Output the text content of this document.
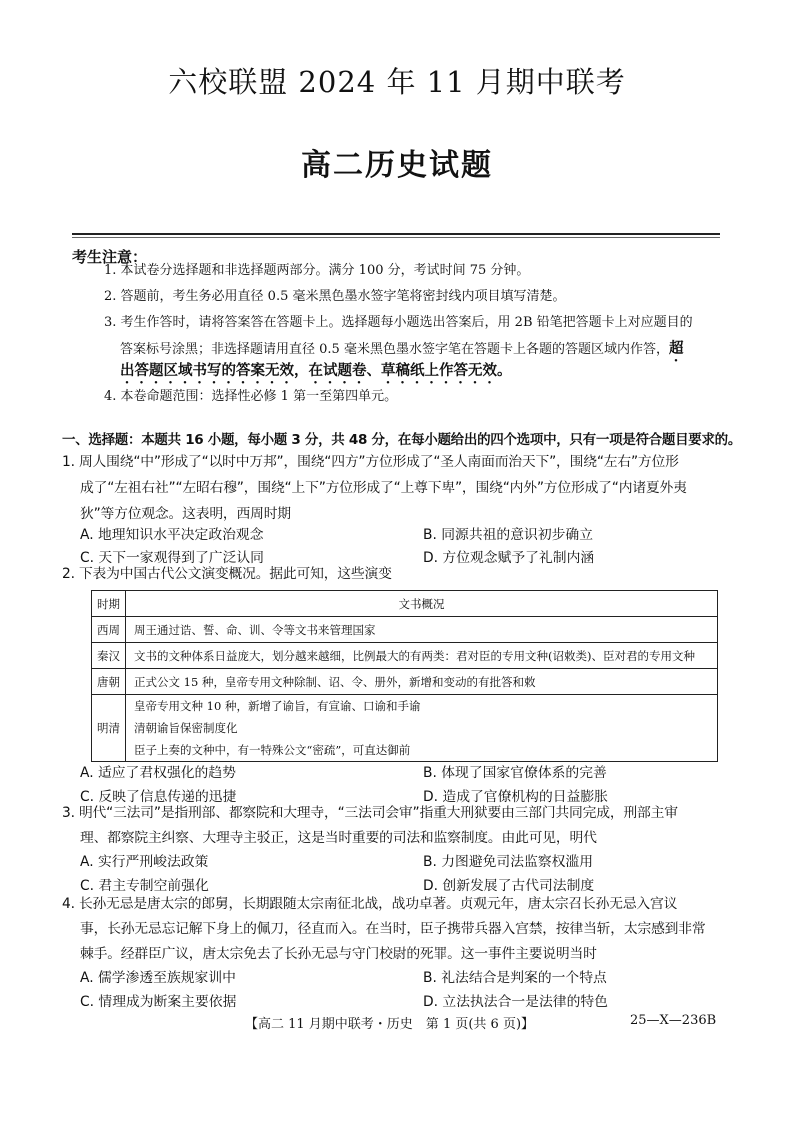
六校联盟 2024 年 11 月期中联考
高二历史试题
考生注意：
1. 本试卷分选择题和非选择题两部分。满分 100 分，考试时间 75 分钟。
2. 答题前，考生务必用直径 0.5 毫米黑色墨水签字笔将密封线内项目填写清楚。
3. 考生作答时，请将答案答在答题卡上。选择题每小题选出答案后，用 2B 铅笔把答题卡上对应题目的
答案标号涂黑；非选择题请用直径 0.5 毫米黑色墨水签字笔在答题卡上各题的答题区域内作答，超
出答题区域书写的答案无效，在试题卷、草稿纸上作答无效。
4. 本卷命题范围：选择性必修 1 第一至第四单元。
一、选择题：本题共 16 小题，每小题 3 分，共 48 分，在每小题给出的四个选项中，只有一项是符合题目要求的。
1. 周人围绕“中”形成了“以时中万邦”，围绕“四方”方位形成了“圣人南面而治天下”，围绕“左右”方位形
成了“左祖右社”“左昭右穆”，围绕“上下”方位形成了“上尊下卑”，围绕“内外”方位形成了“内诸夏外夷
狄”等方位观念。这表明，西周时期
A. 地理知识水平决定政治观念	B. 同源共祖的意识初步确立
C. 天下一家观得到了广泛认同	D. 方位观念赋予了礼制内涵
2. 下表为中国古代公文演变概况。据此可知，这些演变
时期	文书概况
西周	周王通过诰、誓、命、训、令等文书来管理国家
秦汉	文书的文种体系日益庞大，划分越来越细，比例最大的有两类：君对臣的专用文种(诏敕类)、臣对君的专用文种
唐朝	正式公文 15 种，皇帝专用文种除制、诏、令、册外，新增和变动的有批答和敕
明清	皇帝专用文种 10 种，新增了谕旨，有宣谕、口谕和手谕
清朝谕旨保密制度化
臣子上奏的文种中，有一特殊公文“密疏”，可直达御前
A. 适应了君权强化的趋势	B. 体现了国家官僚体系的完善
C. 反映了信息传递的迅捷	D. 造成了官僚机构的日益膨胀
3. 明代“三法司”是指刑部、都察院和大理寺，“三法司会审”指重大刑狱要由三部门共同完成，刑部主审
理、都察院主纠察、大理寺主驳正，这是当时重要的司法和监察制度。由此可见，明代
A. 实行严刑峻法政策	B. 力图避免司法监察权滥用
C. 君主专制空前强化	D. 创新发展了古代司法制度
4. 长孙无忌是唐太宗的郎舅，长期跟随太宗南征北战，战功卓著。贞观元年，唐太宗召长孙无忌入宫议
事，长孙无忌忘记解下身上的佩刀，径直而入。在当时，臣子携带兵器入宫禁，按律当斩，太宗感到非常
棘手。经群臣广议，唐太宗免去了长孙无忌与守门校尉的死罪。这一事件主要说明当时
A. 儒学渗透至族规家训中	B. 礼法结合是判案的一个特点
C. 情理成为断案主要依据	D. 立法执法合一是法律的特色
【高二 11 月期中联考・历史　第 1 页(共 6 页)】	25—X—236B
